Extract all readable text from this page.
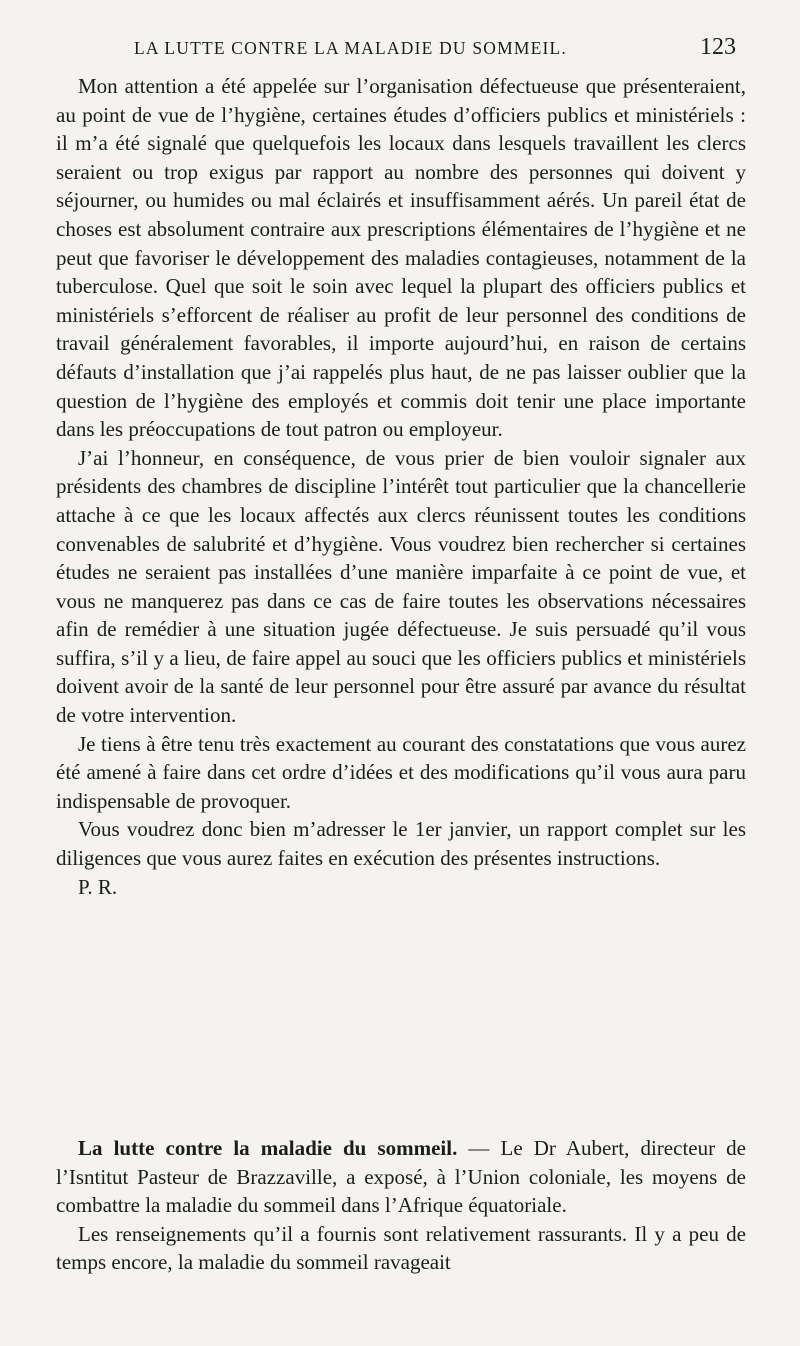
LA LUTTE CONTRE LA MALADIE DU SOMMEIL.	123

Mon attention a été appelée sur l’organisation défectueuse que présenteraient, au point de vue de l’hygiène, certaines études d’officiers publics et ministériels : il m’a été signalé que quelquefois les locaux dans lesquels travaillent les clercs seraient ou trop exigus par rapport au nombre des personnes qui doivent y séjourner, ou humides ou mal éclairés et insuffisamment aérés. Un pareil état de choses est absolument contraire aux prescriptions élémentaires de l’hygiène et ne peut que favoriser le développement des maladies contagieuses, notamment de la tuberculose. Quel que soit le soin avec lequel la plupart des officiers publics et ministériels s’efforcent de réaliser au profit de leur personnel des conditions de travail généralement favorables, il importe aujourd’hui, en raison de certains défauts d’installation que j’ai rappelés plus haut, de ne pas laisser oublier que la question de l’hygiène des employés et commis doit tenir une place importante dans les préoccupations de tout patron ou employeur.

J’ai l’honneur, en conséquence, de vous prier de bien vouloir signaler aux présidents des chambres de discipline l’intérêt tout particulier que la chancellerie attache à ce que les locaux affectés aux clercs réunissent toutes les conditions convenables de salubrité et d’hygiène. Vous voudrez bien rechercher si certaines études ne seraient pas installées d’une manière imparfaite à ce point de vue, et vous ne manquerez pas dans ce cas de faire toutes les observations nécessaires afin de remédier à une situation jugée défectueuse. Je suis persuadé qu’il vous suffira, s’il y a lieu, de faire appel au souci que les officiers publics et ministériels doivent avoir de la santé de leur personnel pour être assuré par avance du résultat de votre intervention.

Je tiens à être tenu très exactement au courant des constatations que vous aurez été amené à faire dans cet ordre d’idées et des modifications qu’il vous aura paru indispensable de provoquer.

Vous voudrez donc bien m’adresser le 1er janvier, un rapport complet sur les diligences que vous aurez faites en exécution des présentes instructions.

P. R.

La lutte contre la maladie du sommeil. — Le Dr Aubert, directeur de l’Isntitut Pasteur de Brazzaville, a exposé, à l’Union coloniale, les moyens de combattre la maladie du sommeil dans l’Afrique équatoriale.

Les renseignements qu’il a fournis sont relativement rassurants. Il y a peu de temps encore, la maladie du sommeil ravageait
